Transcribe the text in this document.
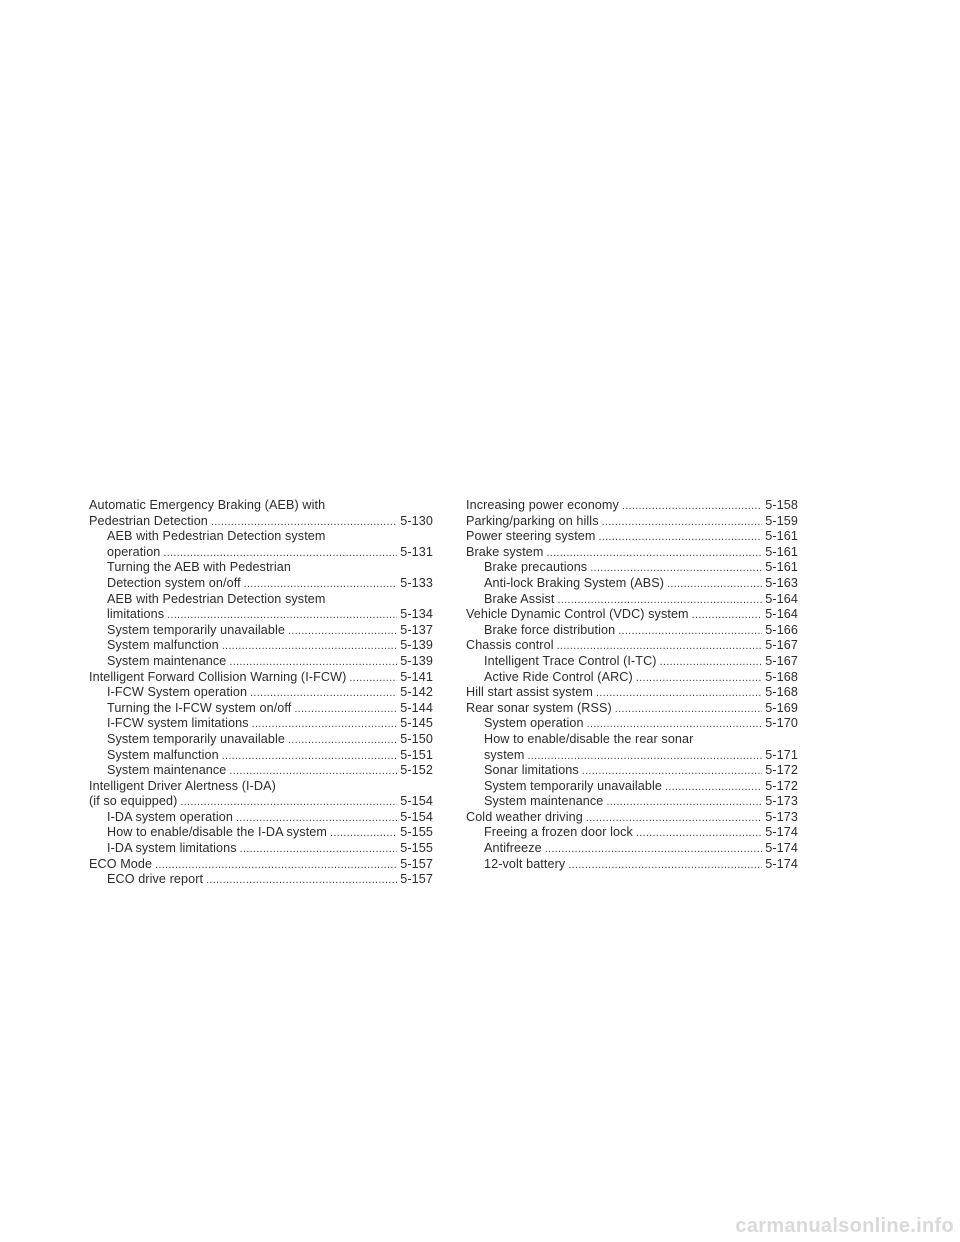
Automatic Emergency Braking (AEB) with
Pedestrian Detection . . .	5-130
AEB with Pedestrian Detection system
operation . . .	5-131
Turning the AEB with Pedestrian
Detection system on/off . . .	5-133
AEB with Pedestrian Detection system
limitations . . .	5-134
System temporarily unavailable . . .	5-137
System malfunction . . .	5-139
System maintenance . . .	5-139
Intelligent Forward Collision Warning (I-FCW) . . .	5-141
I-FCW System operation . . .	5-142
Turning the I-FCW system on/off . . .	5-144
I-FCW system limitations . . .	5-145
System temporarily unavailable . . .	5-150
System malfunction . . .	5-151
System maintenance . . .	5-152
Intelligent Driver Alertness (I-DA)
(if so equipped) . . .	5-154
I-DA system operation . . .	5-154
How to enable/disable the I-DA system . . .	5-155
I-DA system limitations . . .	5-155
ECO Mode . . .	5-157
ECO drive report . . .	5-157
Increasing power economy . . .	5-158
Parking/parking on hills . . .	5-159
Power steering system . . .	5-161
Brake system . . .	5-161
Brake precautions . . .	5-161
Anti-lock Braking System (ABS) . . .	5-163
Brake Assist . . .	5-164
Vehicle Dynamic Control (VDC) system . . .	5-164
Brake force distribution . . .	5-166
Chassis control . . .	5-167
Intelligent Trace Control (I-TC) . . .	5-167
Active Ride Control (ARC) . . .	5-168
Hill start assist system . . .	5-168
Rear sonar system (RSS) . . .	5-169
System operation . . .	5-170
How to enable/disable the rear sonar
system . . .	5-171
Sonar limitations . . .	5-172
System temporarily unavailable . . .	5-172
System maintenance . . .	5-173
Cold weather driving . . .	5-173
Freeing a frozen door lock . . .	5-174
Antifreeze . . .	5-174
12-volt battery . . .	5-174
carmanualsonline.info
